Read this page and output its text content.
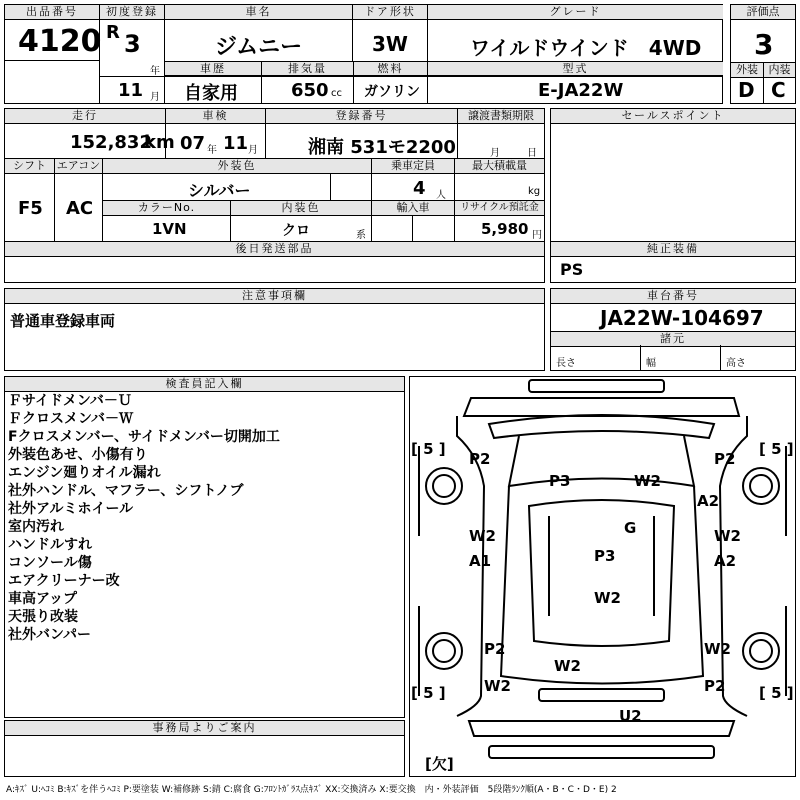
出品番号
4120
初度登録
R 3
年
11 月
車名
ジムニー
ドア形状
3W
グレード
ワイルドウインド　4WD
車歴
自家用
排気量
650 cc
燃料
ガソリン
型式
E-JA22W
評価点
3
外装 内装
D C
走行
152,832
km
車検
07 年 11 月
登録番号
湘南 531モ2200
譲渡書類期限
月	日
シフト
F5
エアコン
AC
外装色
シルバー
乗車定員
4 人
最大積載量
kg
カラーNo.
1VN
内装色
クロ	系
輸入車	リサイクル預託金
5,980 円
後日発送部品
セールスポイント
純正装備
PS
注意事項欄
普通車登録車両
車台番号
JA22W-104697
諸元
長さ	幅	高さ
検査員記入欄
Ｆサイドメンバ－Ｕ
Ｆクロスメンバ－Ｗ
Fクロスメンバー、サイドメンバー切開加工
外装色あせ、小傷有り
エンジン廻りオイル漏れ
社外ハンドル、マフラー、シフトノブ
社外アルミホイール
室内汚れ
ハンドルすれ
コンソール傷
エアクリーナー改
車高アップ
天張り改装
社外バンパー
事務局よりご案内
P2
P3	W2
P2
A2
W2
A1
G
P3
W2
A2
W2
P2
W2
W2
W2
P2
U2
[ 5 ]	[ 5 ]
[ 5 ]	[ 5 ]
[欠]
A:ｷｽﾞ U:ﾍｺﾐ B:ｷｽﾞを伴うﾍｺﾐ P:要塗装 W:補修跡 S:錆 C:腐食 G:ﾌﾛﾝﾄｶﾞﾗｽ点ｷｽﾞ XX:交換済み X:要交換　内・外装評価　5段階ﾗﾝｸ順(A・B・C・D・E) 2
